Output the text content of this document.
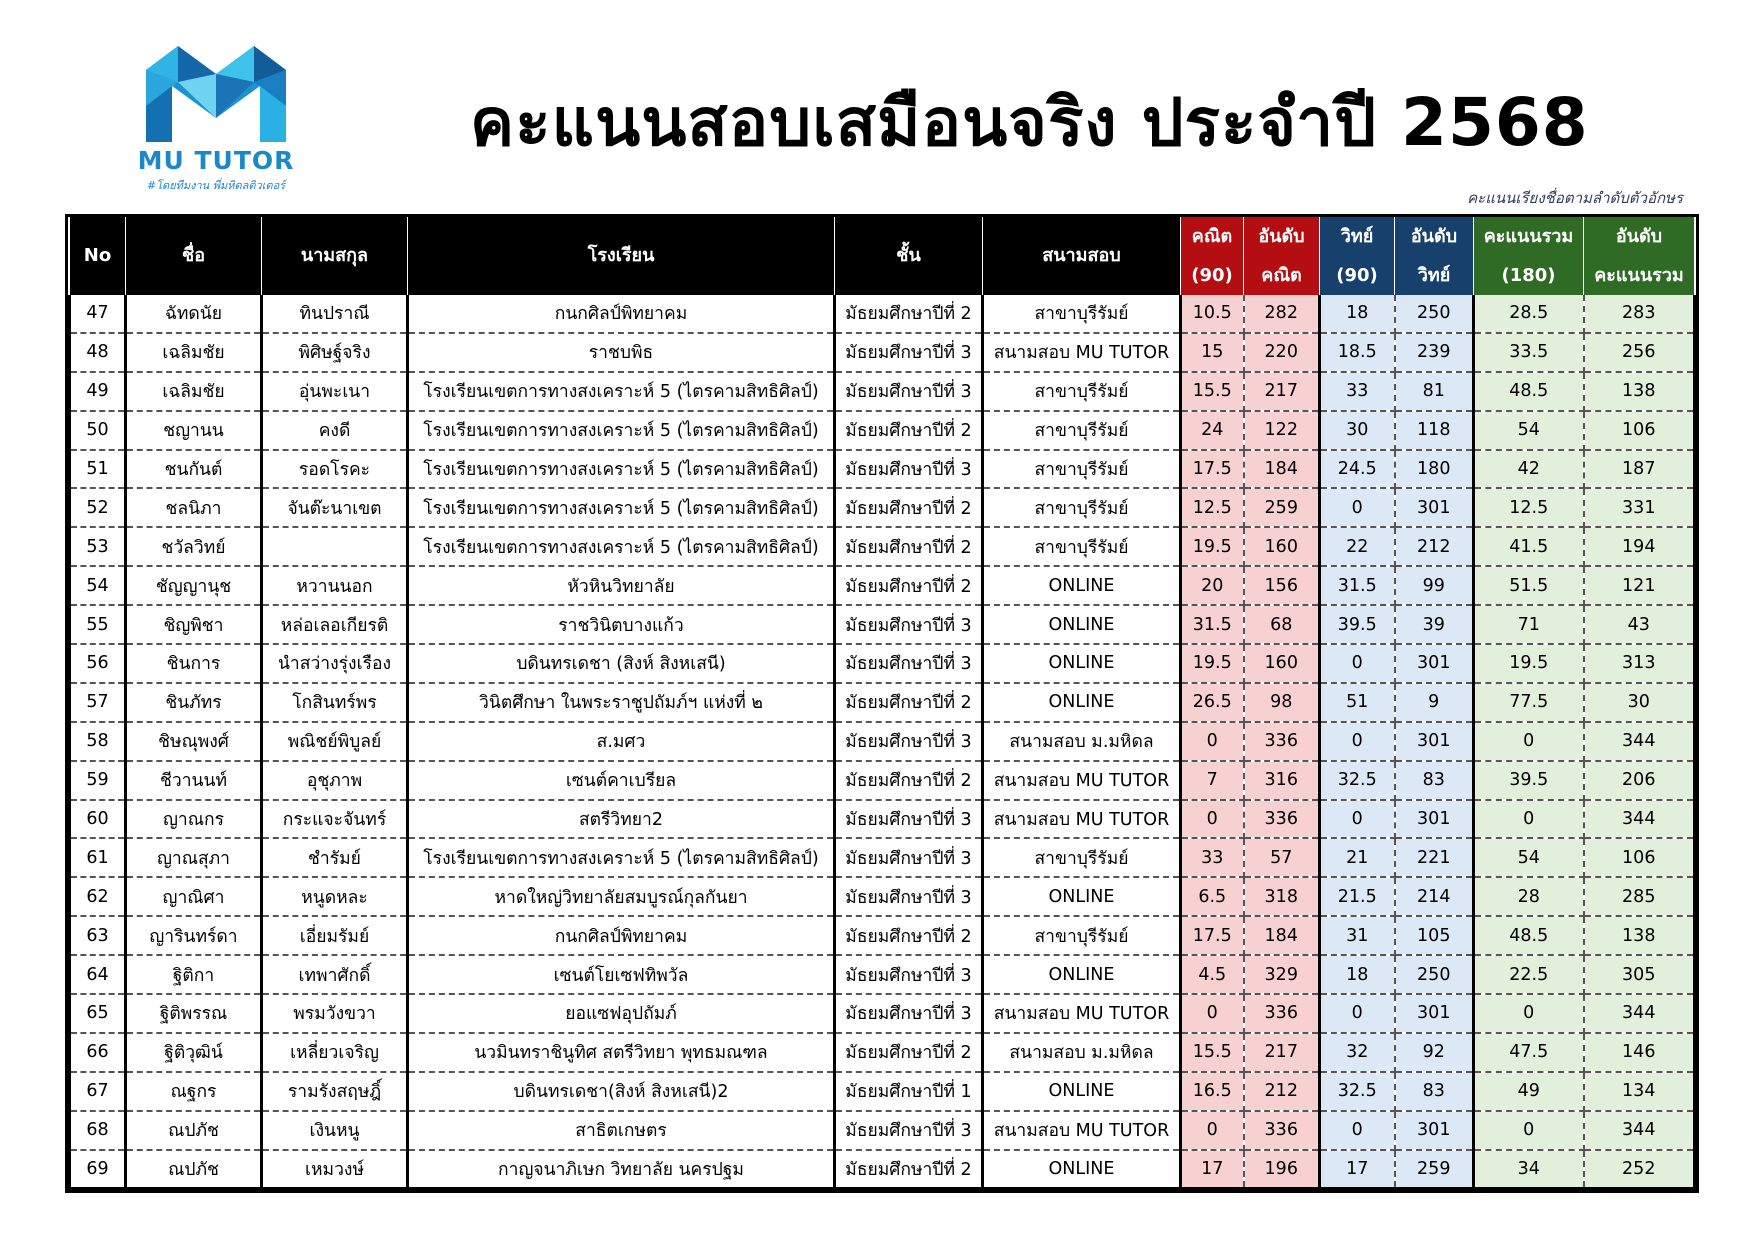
MU TUTOR
#โดยทีมงาน พี่มหิดลติวเตอร์
คะแนนสอบเสมือนจริง ประจำปี 2568
คะแนนเรียงชื่อตามลำดับตัวอักษร
No	ชื่อ	นามสกุล	โรงเรียน	ชั้น	สนามสอบ	คณิต	อันดับ	วิทย์	อันดับ	คะแนนรวม	อันดับ
						(90)	คณิต	(90)	วิทย์	(180)	คะแนนรวม
47	ฉัทดนัย	ทินปราณี	กนกศิลป์พิทยาคม	มัธยมศึกษาปีที่ 2	สาขาบุรีรัมย์	10.5	282	18	250	28.5	283
48	เฉลิมชัย	พิศิษฐ์จริง	ราชบพิธ	มัธยมศึกษาปีที่ 3	สนามสอบ MU TUTOR	15	220	18.5	239	33.5	256
49	เฉลิมชัย	อุ่นพะเนา	โรงเรียนเขตการทางสงเคราะห์ 5 (ไตรคามสิทธิศิลป์)	มัธยมศึกษาปีที่ 3	สาขาบุรีรัมย์	15.5	217	33	81	48.5	138
50	ชญานน	คงดี	โรงเรียนเขตการทางสงเคราะห์ 5 (ไตรคามสิทธิศิลป์)	มัธยมศึกษาปีที่ 2	สาขาบุรีรัมย์	24	122	30	118	54	106
51	ชนกันต์	รอดโรคะ	โรงเรียนเขตการทางสงเคราะห์ 5 (ไตรคามสิทธิศิลป์)	มัธยมศึกษาปีที่ 3	สาขาบุรีรัมย์	17.5	184	24.5	180	42	187
52	ชลนิภา	จันต๊ะนาเขต	โรงเรียนเขตการทางสงเคราะห์ 5 (ไตรคามสิทธิศิลป์)	มัธยมศึกษาปีที่ 2	สาขาบุรีรัมย์	12.5	259	0	301	12.5	331
53	ชวัลวิทย์		โรงเรียนเขตการทางสงเคราะห์ 5 (ไตรคามสิทธิศิลป์)	มัธยมศึกษาปีที่ 2	สาขาบุรีรัมย์	19.5	160	22	212	41.5	194
54	ชัญญานุช	หวานนอก	หัวหินวิทยาลัย	มัธยมศึกษาปีที่ 2	ONLINE	20	156	31.5	99	51.5	121
55	ชิญพิชา	หล่อเลอเกียรติ	ราชวินิตบางแก้ว	มัธยมศึกษาปีที่ 3	ONLINE	31.5	68	39.5	39	71	43
56	ชินการ	นำสว่างรุ่งเรือง	บดินทรเดชา (สิงห์ สิงหเสนี)	มัธยมศึกษาปีที่ 3	ONLINE	19.5	160	0	301	19.5	313
57	ชินภัทร	โกสินทร์พร	วินิตศึกษา ในพระราชูปถัมภ์ฯ แห่งที่ ๒	มัธยมศึกษาปีที่ 2	ONLINE	26.5	98	51	9	77.5	30
58	ชิษณุพงศ์	พณิชย์พิบูลย์	ส.มศว	มัธยมศึกษาปีที่ 3	สนามสอบ ม.มหิดล	0	336	0	301	0	344
59	ชีวานนท์	อุชุภาพ	เซนต์คาเบรียล	มัธยมศึกษาปีที่ 2	สนามสอบ MU TUTOR	7	316	32.5	83	39.5	206
60	ญาณกร	กระแจะจันทร์	สตรีวิทยา2	มัธยมศึกษาปีที่ 3	สนามสอบ MU TUTOR	0	336	0	301	0	344
61	ญาณสุภา	ชำรัมย์	โรงเรียนเขตการทางสงเคราะห์ 5 (ไตรคามสิทธิศิลป์)	มัธยมศึกษาปีที่ 3	สาขาบุรีรัมย์	33	57	21	221	54	106
62	ญาณิศา	หนูดหละ	หาดใหญ่วิทยาลัยสมบูรณ์กุลกันยา	มัธยมศึกษาปีที่ 3	ONLINE	6.5	318	21.5	214	28	285
63	ญารินทร์ดา	เอี่ยมรัมย์	กนกศิลป์พิทยาคม	มัธยมศึกษาปีที่ 2	สาขาบุรีรัมย์	17.5	184	31	105	48.5	138
64	ฐิติกา	เทพาศักดิ์	เซนต์โยเซฟทิพวัล	มัธยมศึกษาปีที่ 3	ONLINE	4.5	329	18	250	22.5	305
65	ฐิติพรรณ	พรมวังขวา	ยอแซฟอุปถัมภ์	มัธยมศึกษาปีที่ 3	สนามสอบ MU TUTOR	0	336	0	301	0	344
66	ฐิติวุฒิน์	เหลี่ยวเจริญ	นวมินทราชินูทิศ สตรีวิทยา พุทธมณฑล	มัธยมศึกษาปีที่ 2	สนามสอบ ม.มหิดล	15.5	217	32	92	47.5	146
67	ณฐกร	รามรังสฤษฎิ์	บดินทรเดชา(สิงห์ สิงหเสนี)2	มัธยมศึกษาปีที่ 1	ONLINE	16.5	212	32.5	83	49	134
68	ณปภัช	เงินหนู	สาธิตเกษตร	มัธยมศึกษาปีที่ 3	สนามสอบ MU TUTOR	0	336	0	301	0	344
69	ณปภัช	เหมวงษ์	กาญจนาภิเษก วิทยาลัย นครปฐม	มัธยมศึกษาปีที่ 2	ONLINE	17	196	17	259	34	252
